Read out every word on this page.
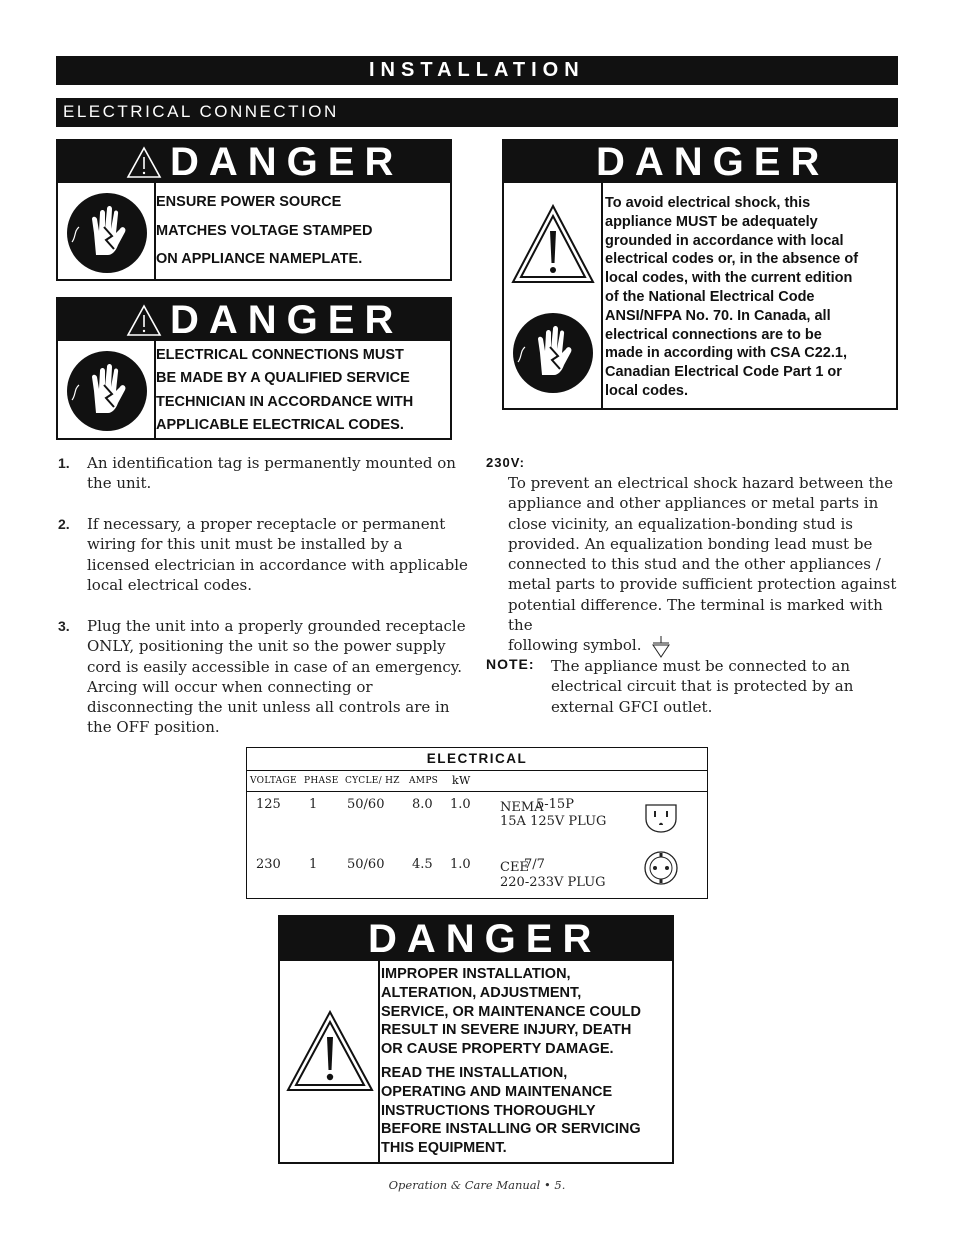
INSTALLATION
ELECTRICAL CONNECTION
DANGER
ENSURE POWER SOURCE
MATCHES VOLTAGE STAMPED
ON APPLIANCE NAMEPLATE.
DANGER
ELECTRICAL CONNECTIONS MUST
BE MADE BY A QUALIFIED SERVICE
TECHNICIAN IN ACCORDANCE WITH
APPLICABLE ELECTRICAL CODES.
DANGER
To avoid electrical shock, this
appliance MUST be adequately
grounded in accordance with local
electrical codes or, in the absence of
local codes, with the current edition
of the National Electrical Code
ANSI/NFPA No. 70. In Canada, all
electrical connections are to be
made in according with CSA C22.1,
Canadian Electrical Code Part 1 or
local codes.
1. An identification tag is permanently mounted on
the unit.
2. If necessary, a proper receptacle or permanent
wiring for this unit must be installed by a
licensed electrician in accordance with applicable
local electrical codes.
3. Plug the unit into a properly grounded receptacle
ONLY, positioning the unit so the power supply
cord is easily accessible in case of an emergency.
Arcing will occur when connecting or
disconnecting the unit unless all controls are in
the OFF position.
230V:
To prevent an electrical shock hazard between the
appliance and other appliances or metal parts in
close vicinity, an equalization-bonding stud is
provided. An equalization bonding lead must be
connected to this stud and the other appliances /
metal parts to provide sufficient protection against
potential difference. The terminal is marked with the
following symbol.
NOTE: The appliance must be connected to an
electrical circuit that is protected by an
external GFCI outlet.
ELECTRICAL
VOLTAGE PHASE CYCLE/ HZ AMPS kW
125 1 50/60 8.0 1.0 NEMA
5-15P
15A 125V PLUG
230 1 50/60 4.5 1.0 CEE
7/7
220-233V PLUG
DANGER
IMPROPER INSTALLATION,
ALTERATION, ADJUSTMENT,
SERVICE, OR MAINTENANCE COULD
RESULT IN SEVERE INJURY, DEATH
OR CAUSE PROPERTY DAMAGE.
READ THE INSTALLATION,
OPERATING AND MAINTENANCE
INSTRUCTIONS THOROUGHLY
BEFORE INSTALLING OR SERVICING
THIS EQUIPMENT.
Operation & Care Manual • 5.
